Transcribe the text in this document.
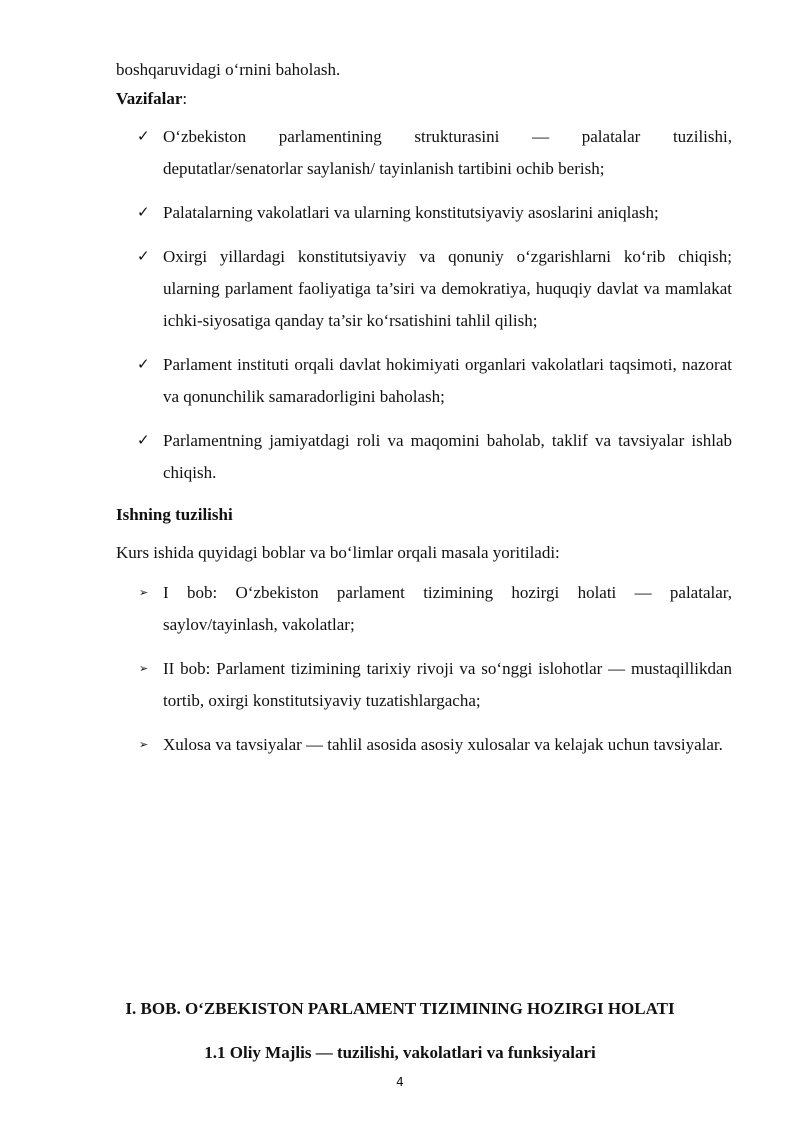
boshqaruvidagi o‘rnini baholash.

Vazifalar:

✓ O‘zbekiston parlamentining strukturasini — palatalar tuzilishi, deputatlar/senatorlar saylanish/ tayinlanish tartibini ochib berish;
✓ Palatalarning vakolatlari va ularning konstitutsiyaviy asoslarini aniqlash;
✓ Oxirgi yillardagi konstitutsiyaviy va qonuniy o‘zgarishlarni ko‘rib chiqish; ularning parlament faoliyatiga ta’siri va demokratiya, huquqiy davlat va mamlakat ichki-siyosatiga qanday ta’sir ko‘rsatishini tahlil qilish;
✓ Parlament instituti orqali davlat hokimiyati organlari vakolatlari taqsimoti, nazorat va qonunchilik samaradorligini baholash;
✓ Parlamentning jamiyatdagi roli va maqomini baholab, taklif va tavsiyalar ishlab chiqish.

Ishning tuzilishi

Kurs ishida quyidagi boblar va bo‘limlar orqali masala yoritiladi:

➢ I bob: O‘zbekiston parlament tizimining hozirgi holati — palatalar, saylov/tayinlash, vakolatlar;
➢ II bob: Parlament tizimining tarixiy rivoji va so‘nggi islohotlar — mustaqillikdan tortib, oxirgi konstitutsiyaviy tuzatishlargacha;
➢ Xulosa va tavsiyalar — tahlil asosida asosiy xulosalar va kelajak uchun tavsiyalar.
I. BOB. O‘ZBEKISTON PARLAMENT TIZIMINING HOZIRGI HOLATI
1.1 Oliy Majlis — tuzilishi, vakolatlari va funksiyalari
4
